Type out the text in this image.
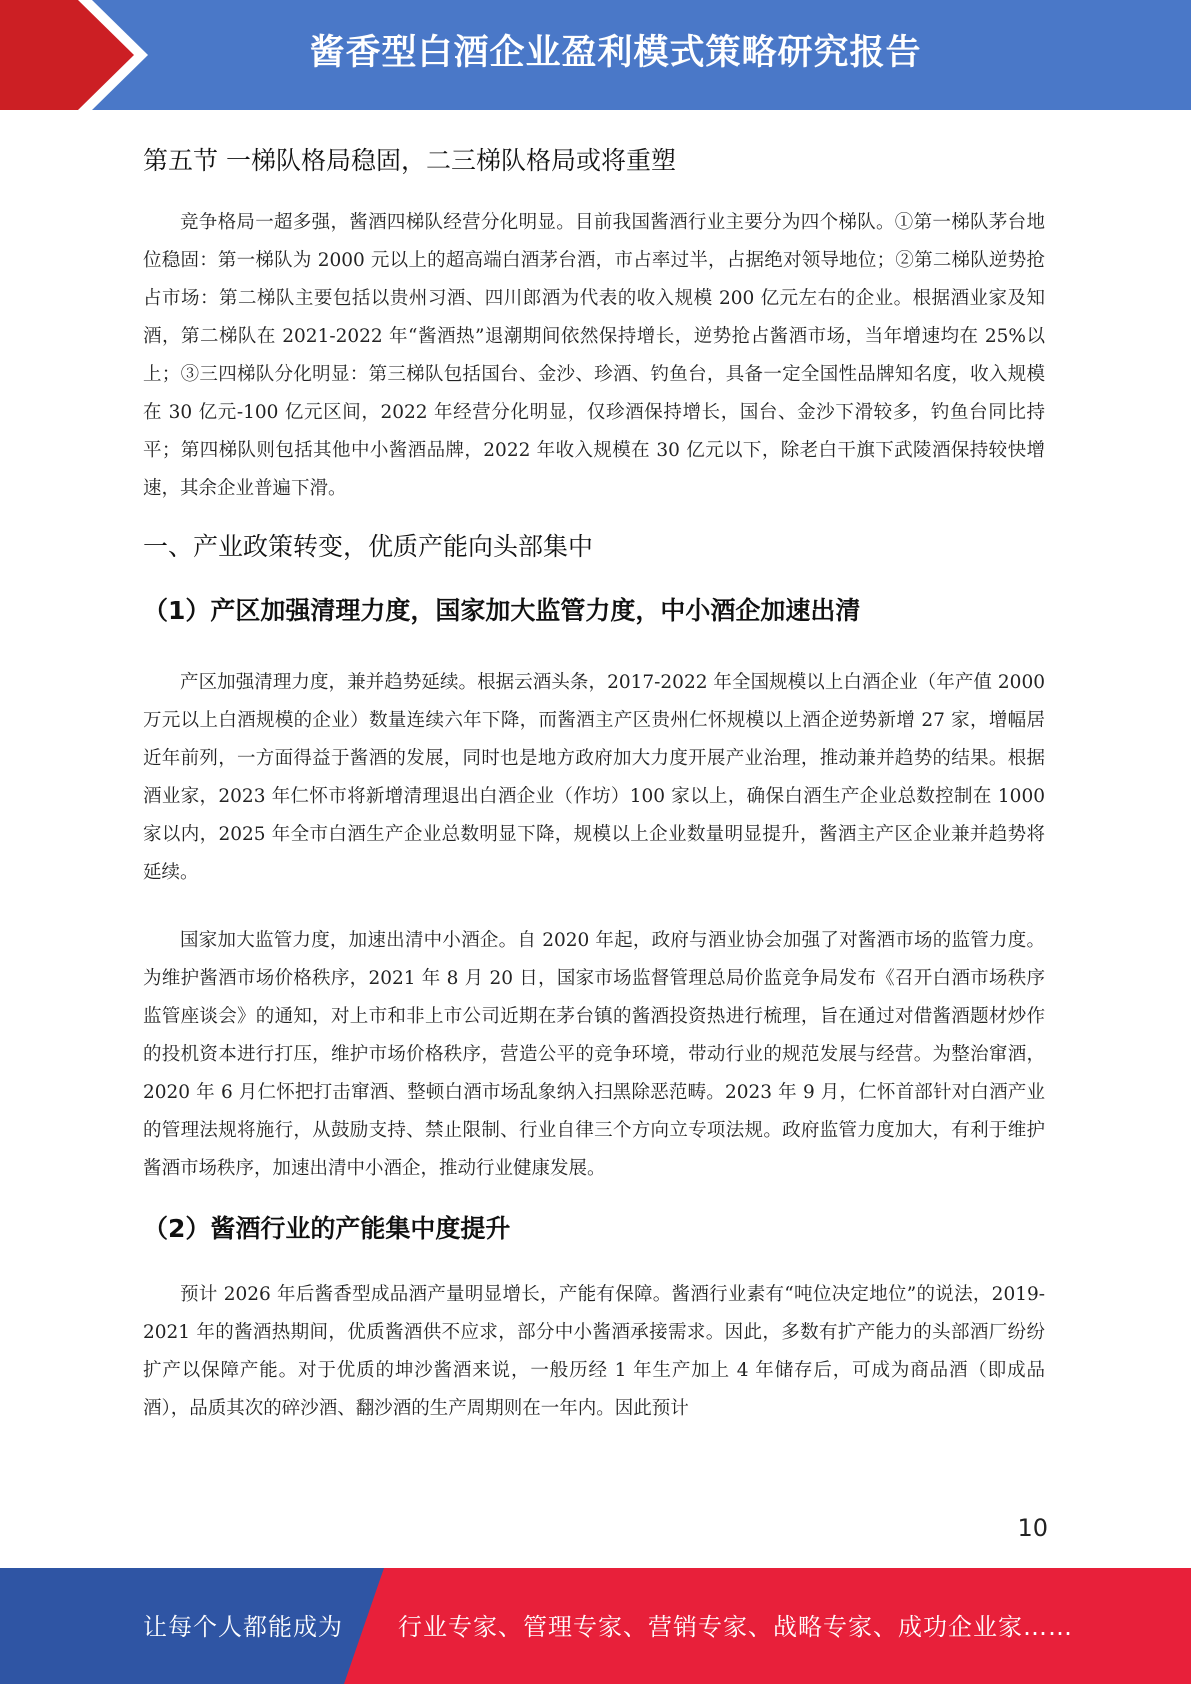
酱香型白酒企业盈利模式策略研究报告
第五节 一梯队格局稳固，二三梯队格局或将重塑

竞争格局一超多强，酱酒四梯队经营分化明显。目前我国酱酒行业主要分为四个梯队。①第一梯队茅台地位稳固：第一梯队为 2000 元以上的超高端白酒茅台酒，市占率过半，占据绝对领导地位；②第二梯队逆势抢占市场：第二梯队主要包括以贵州习酒、四川郎酒为代表的收入规模 200 亿元左右的企业。根据酒业家及知酒，第二梯队在 2021-2022 年“酱酒热”退潮期间依然保持增长，逆势抢占酱酒市场，当年增速均在 25%以上；③三四梯队分化明显：第三梯队包括国台、金沙、珍酒、钓鱼台，具备一定全国性品牌知名度，收入规模在 30 亿元-100 亿元区间，2022 年经营分化明显，仅珍酒保持增长，国台、金沙下滑较多，钓鱼台同比持平；第四梯队则包括其他中小酱酒品牌，2022 年收入规模在 30 亿元以下，除老白干旗下武陵酒保持较快增速，其余企业普遍下滑。

一、产业政策转变，优质产能向头部集中
（1）产区加强清理力度，国家加大监管力度，中小酒企加速出清

产区加强清理力度，兼并趋势延续。根据云酒头条，2017-2022 年全国规模以上白酒企业（年产值 2000 万元以上白酒规模的企业）数量连续六年下降，而酱酒主产区贵州仁怀规模以上酒企逆势新增 27 家，增幅居近年前列，一方面得益于酱酒的发展，同时也是地方政府加大力度开展产业治理，推动兼并趋势的结果。根据酒业家，2023 年仁怀市将新增清理退出白酒企业（作坊）100 家以上，确保白酒生产企业总数控制在 1000 家以内，2025 年全市白酒生产企业总数明显下降，规模以上企业数量明显提升，酱酒主产区企业兼并趋势将延续。

国家加大监管力度，加速出清中小酒企。自 2020 年起，政府与酒业协会加强了对酱酒市场的监管力度。为维护酱酒市场价格秩序，2021 年 8 月 20 日，国家市场监督管理总局价监竞争局发布《召开白酒市场秩序监管座谈会》的通知，对上市和非上市公司近期在茅台镇的酱酒投资热进行梳理，旨在通过对借酱酒题材炒作的投机资本进行打压，维护市场价格秩序，营造公平的竞争环境，带动行业的规范发展与经营。为整治窜酒，2020 年 6 月仁怀把打击窜酒、整顿白酒市场乱象纳入扫黑除恶范畴。2023 年 9 月，仁怀首部针对白酒产业的管理法规将施行，从鼓励支持、禁止限制、行业自律三个方向立专项法规。政府监管力度加大，有利于维护酱酒市场秩序，加速出清中小酒企，推动行业健康发展。

（2）酱酒行业的产能集中度提升

预计 2026 年后酱香型成品酒产量明显增长，产能有保障。酱酒行业素有“吨位决定地位”的说法，2019-2021 年的酱酒热期间，优质酱酒供不应求，部分中小酱酒承接需求。因此，多数有扩产能力的头部酒厂纷纷扩产以保障产能。对于优质的坤沙酱酒来说，一般历经 1 年生产加上 4 年储存后，可成为商品酒（即成品酒），品质其次的碎沙酒、翻沙酒的生产周期则在一年内。因此预计

10
让每个人都能成为 行业专家、管理专家、营销专家、战略专家、成功企业家……
